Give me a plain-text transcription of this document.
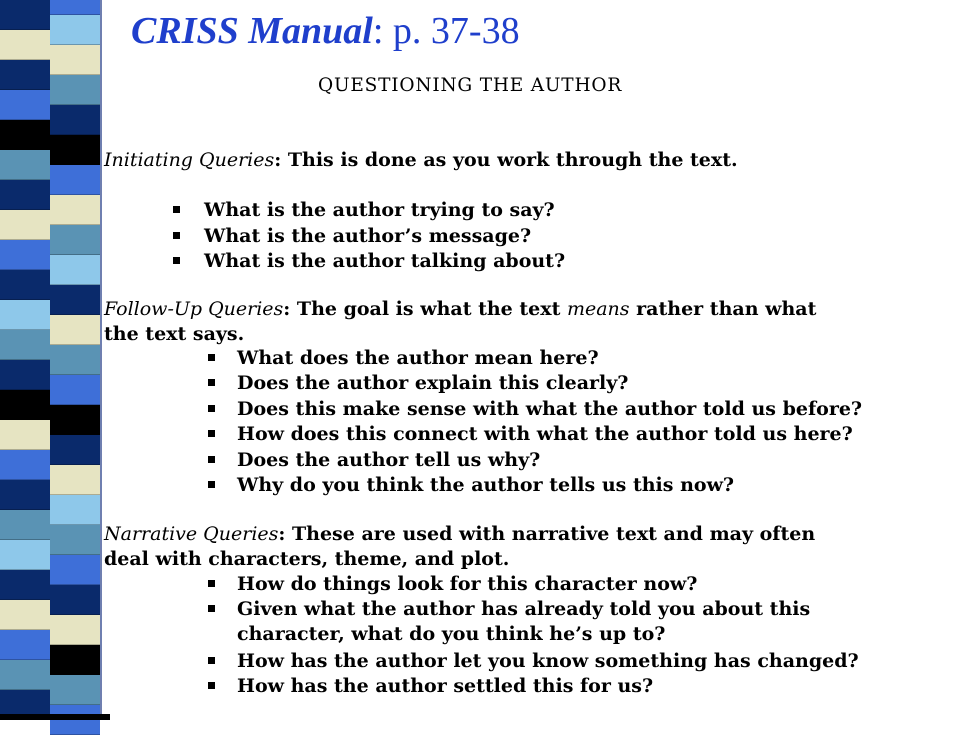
CRISS Manual: p. 37-38
QUESTIONING THE AUTHOR
Initiating Queries: This is done as you work through the text.
What is the author trying to say?
What is the author’s message?
What is the author talking about?
Follow-Up Queries: The goal is what the text means rather than what
the text says.
What does the author mean here?
Does the author explain this clearly?
Does this make sense with what the author told us before?
How does this connect with what the author told us here?
Does the author tell us why?
Why do you think the author tells us this now?
Narrative Queries: These are used with narrative text and may often
deal with characters, theme, and plot.
How do things look for this character now?
Given what the author has already told you about this
character, what do you think he’s up to?
How has the author let you know something has changed?
How has the author settled this for us?
